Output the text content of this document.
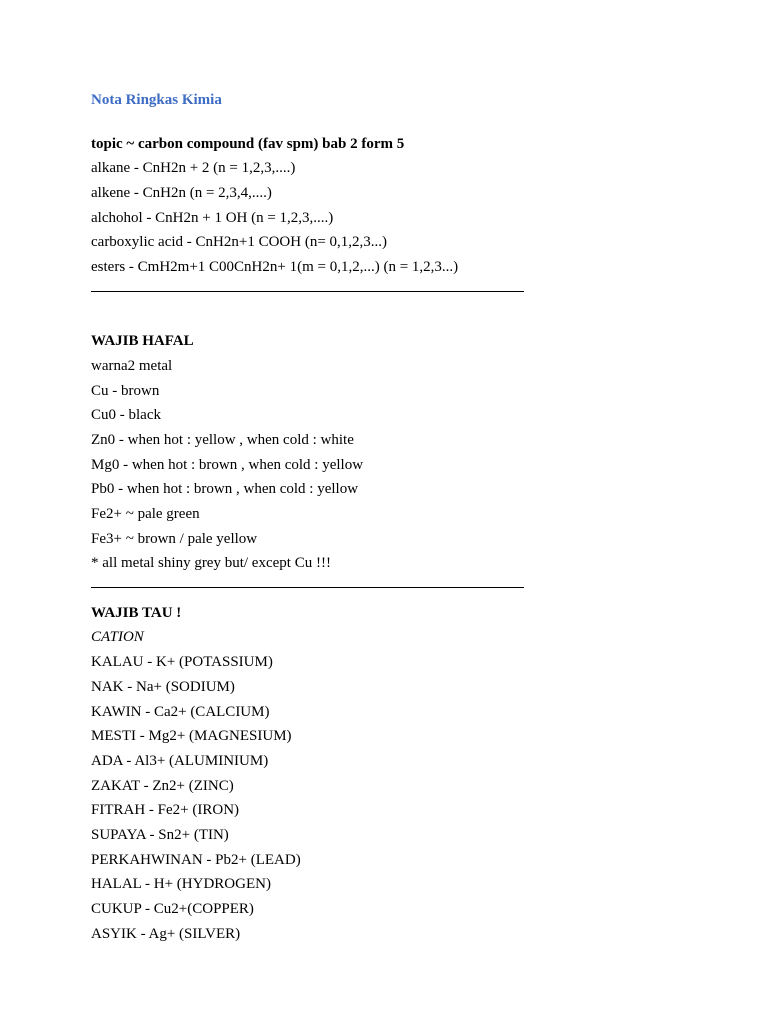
Nota Ringkas Kimia
topic ~ carbon compound (fav spm) bab 2 form 5
alkane - CnH2n + 2 (n = 1,2,3,....)
alkene - CnH2n (n = 2,3,4,....)
alchohol - CnH2n + 1 OH (n = 1,2,3,....)
carboxylic acid - CnH2n+1 COOH (n= 0,1,2,3...)
esters - CmH2m+1 C00CnH2n+ 1(m = 0,1,2,...) (n = 1,2,3...)
WAJIB HAFAL
warna2 metal
Cu - brown
Cu0 - black
Zn0 - when hot : yellow , when cold : white
Mg0 - when hot : brown , when cold : yellow
Pb0 - when hot : brown , when cold : yellow
Fe2+ ~ pale green
Fe3+ ~ brown / pale yellow
* all metal shiny grey but/ except Cu !!!
WAJIB TAU !
CATION
KALAU - K+ (POTASSIUM)
NAK - Na+ (SODIUM)
KAWIN - Ca2+ (CALCIUM)
MESTI - Mg2+ (MAGNESIUM)
ADA - Al3+ (ALUMINIUM)
ZAKAT - Zn2+ (ZINC)
FITRAH - Fe2+ (IRON)
SUPAYA - Sn2+ (TIN)
PERKAHWINAN - Pb2+ (LEAD)
HALAL - H+ (HYDROGEN)
CUKUP - Cu2+(COPPER)
ASYIK - Ag+ (SILVER)
